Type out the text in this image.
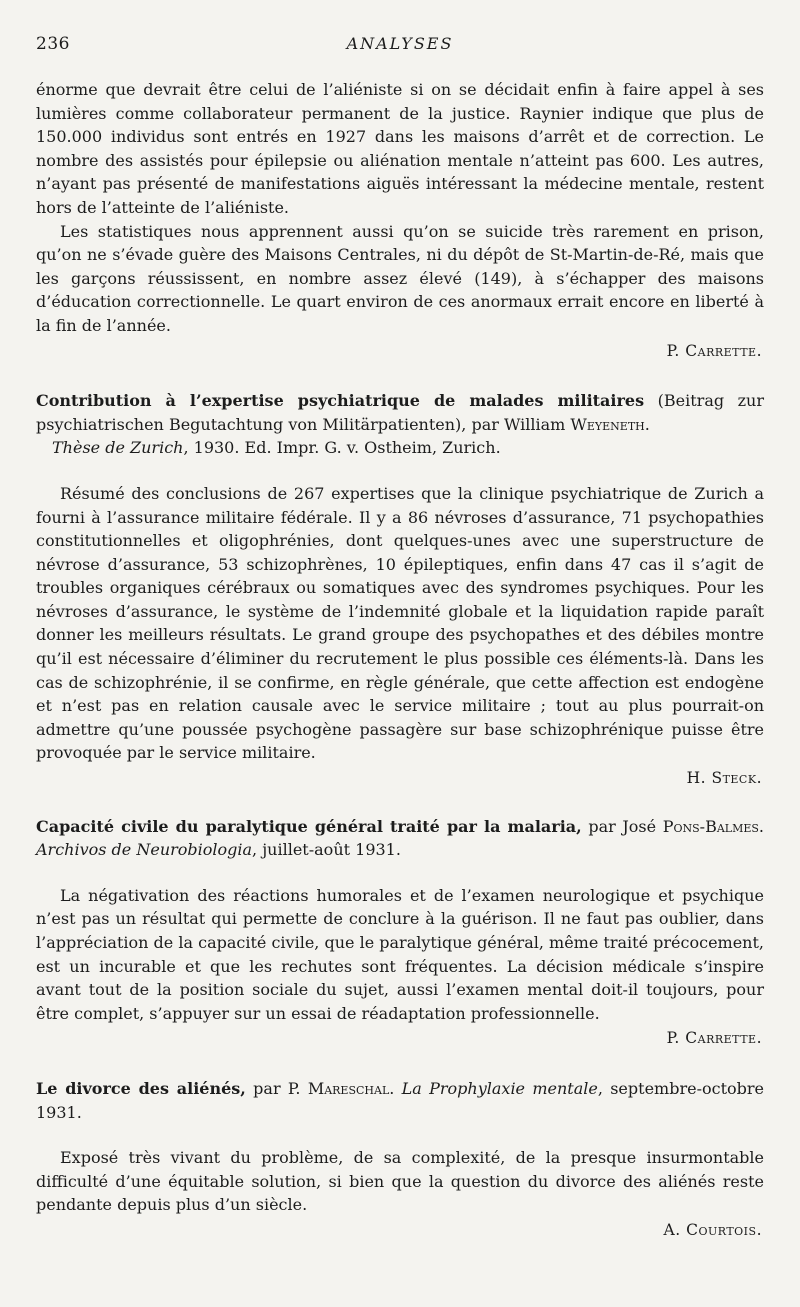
236	ANALYSES

énorme que devrait être celui de l’aliéniste si on se décidait enfin à faire appel à ses lumières comme collaborateur permanent de la justice. Raynier indique que plus de 150.000 individus sont entrés en 1927 dans les maisons d’arrêt et de correction. Le nombre des assistés pour épilepsie ou aliénation mentale n’atteint pas 600. Les autres, n’ayant pas présenté de manifestations aiguës intéressant la médecine mentale, restent hors de l’atteinte de l’aliéniste.

Les statistiques nous apprennent aussi qu’on se suicide très rarement en prison, qu’on ne s’évade guère des Maisons Centrales, ni du dépôt de St-Martin-de-Ré, mais que les garçons réussissent, en nombre assez élevé (149), à s’échapper des maisons d’éducation correctionnelle. Le quart environ de ces anormaux errait encore en liberté à la fin de l’année.

P. Carrette.

Contribution à l’expertise psychiatrique de malades militaires (Beitrag zur psychiatrischen Begutachtung von Militärpatienten), par William Weyeneth.
Thèse de Zurich, 1930. Ed. Impr. G. v. Ostheim, Zurich.

Résumé des conclusions de 267 expertises que la clinique psychiatrique de Zurich a fourni à l’assurance militaire fédérale. Il y a 86 névroses d’assurance, 71 psychopathies constitutionnelles et oligophrénies, dont quelques-unes avec une superstructure de névrose d’assurance, 53 schizophrènes, 10 épileptiques, enfin dans 47 cas il s’agit de troubles organiques cérébraux ou somatiques avec des syndromes psychiques. Pour les névroses d’assurance, le système de l’indemnité globale et la liquidation rapide paraît donner les meilleurs résultats. Le grand groupe des psychopathes et des débiles montre qu’il est nécessaire d’éliminer du recrutement le plus possible ces éléments-là. Dans les cas de schizophrénie, il se confirme, en règle générale, que cette affection est endogène et n’est pas en relation causale avec le service militaire ; tout au plus pourrait-on admettre qu’une poussée psychogène passagère sur base schizophrénique puisse être provoquée par le service militaire.

H. Steck.

Capacité civile du paralytique général traité par la malaria, par José Pons-Balmes. Archivos de Neurobiologia, juillet-août 1931.

La négativation des réactions humorales et de l’examen neurologique et psychique n’est pas un résultat qui permette de conclure à la guérison. Il ne faut pas oublier, dans l’appréciation de la capacité civile, que le paralytique général, même traité précocement, est un incurable et que les rechutes sont fréquentes. La décision médicale s’inspire avant tout de la position sociale du sujet, aussi l’examen mental doit-il toujours, pour être complet, s’appuyer sur un essai de réadaptation professionnelle.

P. Carrette.

Le divorce des aliénés, par P. Mareschal. La Prophylaxie mentale, septembre-octobre 1931.

Exposé très vivant du problème, de sa complexité, de la presque insurmontable difficulté d’une équitable solution, si bien que la question du divorce des aliénés reste pendante depuis plus d’un siècle.

A. Courtois.
